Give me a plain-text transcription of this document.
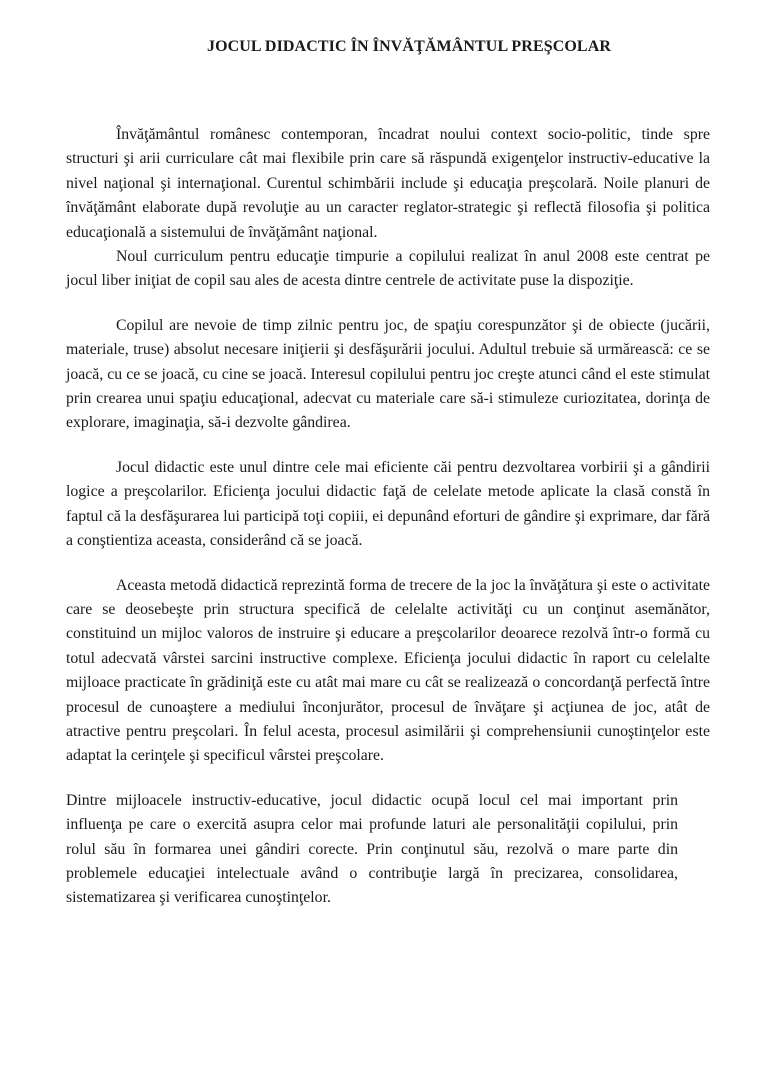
JOCUL DIDACTIC ÎN ÎNVĂŢĂMÂNTUL PREŞCOLAR

Învăţământul românesc contemporan, încadrat noului context socio-politic, tinde spre structuri şi arii curriculare cât mai flexibile prin care să răspundă exigenţelor instructiv-educative la nivel naţional şi internaţional. Curentul schimbării include şi educaţia preşcolară. Noile planuri de învăţământ elaborate după revoluţie au un caracter reglator-strategic şi reflectă filosofia şi politica educaţională a sistemului de învăţământ naţional.

Noul curriculum pentru educaţie timpurie a copilului realizat în anul 2008 este centrat pe jocul liber iniţiat de copil sau ales de acesta dintre centrele de activitate puse la dispoziţie.

Copilul are nevoie de timp zilnic pentru joc, de spaţiu corespunzător şi de obiecte (jucării, materiale, truse) absolut necesare iniţierii şi desfăşurării jocului. Adultul trebuie să urmărească: ce se joacă, cu ce se joacă, cu cine se joacă. Interesul copilului pentru joc creşte atunci când el este stimulat prin crearea unui spaţiu educaţional, adecvat cu materiale care să-i stimuleze curiozitatea, dorinţa de explorare, imaginaţia, să-i dezvolte gândirea.

Jocul didactic este unul dintre cele mai eficiente căi pentru dezvoltarea vorbirii şi a gândirii logice a preşcolarilor. Eficienţa jocului didactic faţă de celelate metode aplicate la clasă constă în faptul că la desfăşurarea lui participă toţi copiii, ei depunând eforturi de gândire şi exprimare, dar fără a conştientiza aceasta, considerând că se joacă.

Aceasta metodă didactică reprezintă forma de trecere de la joc la învăţătura şi este o activitate care se deosebeşte prin structura specifică de celelalte activităţi cu un conţinut asemănător, constituind un mijloc valoros de instruire şi educare a preşcolarilor deoarece rezolvă într-o formă cu totul adecvată vârstei sarcini instructive complexe. Eficienţa jocului didactic în raport cu celelalte mijloace practicate în grădiniţă este cu atât mai mare cu cât se realizează o concordanţă perfectă între procesul de cunoaştere a mediului înconjurător, procesul de învăţare şi acţiunea de joc, atât de atractive pentru preşcolari. În felul acesta, procesul asimilării şi comprehensiunii cunoştinţelor este adaptat la cerinţele şi specificul vârstei preşcolare.

Dintre mijloacele instructiv-educative, jocul didactic ocupă locul cel mai important prin influenţa pe care o exercită asupra celor mai profunde laturi ale personalităţii copilului, prin rolul său în formarea unei gândiri corecte. Prin conţinutul său, rezolvă o mare parte din problemele educaţiei intelectuale având o contribuţie largă în precizarea, consolidarea, sistematizarea şi verificarea cunoştinţelor.
